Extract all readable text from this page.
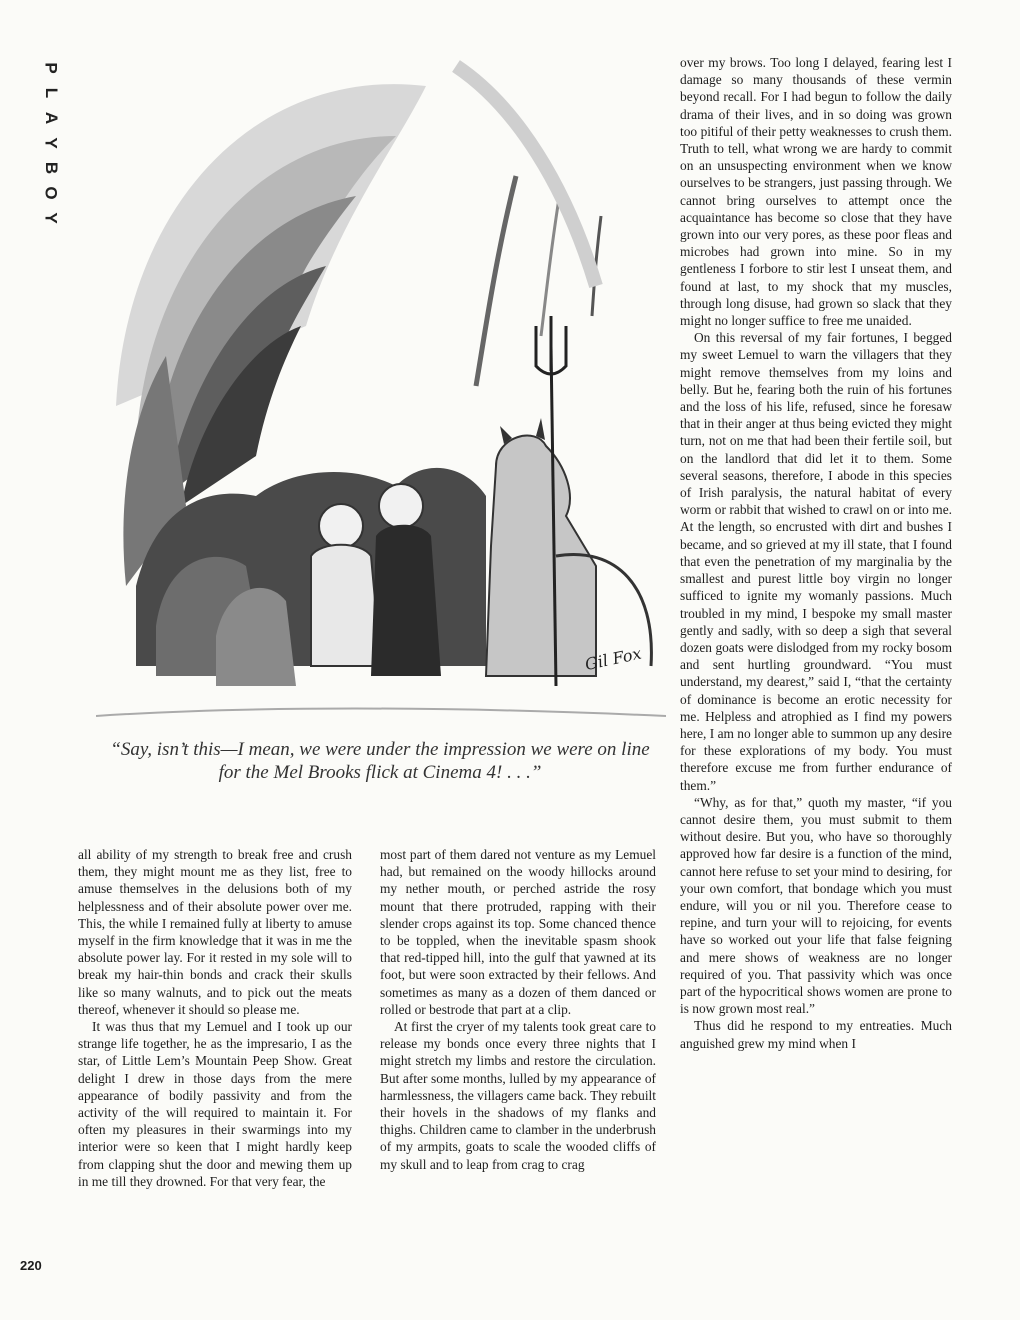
P
L
A
Y
B
O
Y
Gil Fox
“Say, isn’t this—I mean, we were under the impression we were on line for the Mel Brooks flick at Cinema 4! . . .”

all ability of my strength to break free and crush them, they might mount me as they list, free to amuse themselves in the delusions both of my helplessness and of their absolute power over me. This, the while I remained fully at liberty to amuse myself in the firm knowledge that it was in me the absolute power lay. For it rested in my sole will to break my hair-thin bonds and crack their skulls like so many walnuts, and to pick out the meats thereof, whenever it should so please me.

It was thus that my Lemuel and I took up our strange life together, he as the impresario, I as the star, of Little Lem’s Mountain Peep Show. Great delight I drew in those days from the mere appearance of bodily passivity and from the activity of the will required to maintain it. For often my pleasures in their swarmings into my interior were so keen that I might hardly keep from clapping shut the door and mewing them up in me till they drowned. For that very fear, the

most part of them dared not venture as my Lemuel had, but remained on the woody hillocks around my nether mouth, or perched astride the rosy mount that there protruded, rapping with their slender crops against its top. Some chanced thence to be toppled, when the inevitable spasm shook that red-tipped hill, into the gulf that yawned at its foot, but were soon extracted by their fellows. And sometimes as many as a dozen of them danced or rolled or bestrode that part at a clip.

At first the cryer of my talents took great care to release my bonds once every three nights that I might stretch my limbs and restore the circulation. But after some months, lulled by my appearance of harmlessness, the villagers came back. They rebuilt their hovels in the shadows of my flanks and thighs. Children came to clamber in the underbrush of my armpits, goats to scale the wooded cliffs of my skull and to leap from crag to crag

over my brows. Too long I delayed, fearing lest I damage so many thousands of these vermin beyond recall. For I had begun to follow the daily drama of their lives, and in so doing was grown too pitiful of their petty weaknesses to crush them. Truth to tell, what wrong we are hardy to commit on an unsuspecting environment when we know ourselves to be strangers, just passing through. We cannot bring ourselves to attempt once the acquaintance has become so close that they have grown into our very pores, as these poor fleas and microbes had grown into mine. So in my gentleness I forbore to stir lest I unseat them, and found at last, to my shock that my muscles, through long disuse, had grown so slack that they might no longer suffice to free me unaided.

On this reversal of my fair fortunes, I begged my sweet Lemuel to warn the villagers that they might remove themselves from my loins and belly. But he, fearing both the ruin of his fortunes and the loss of his life, refused, since he foresaw that in their anger at thus being evicted they might turn, not on me that had been their fertile soil, but on the landlord that did let it to them. Some several seasons, therefore, I abode in this species of Irish paralysis, the natural habitat of every worm or rabbit that wished to crawl on or into me. At the length, so encrusted with dirt and bushes I became, and so grieved at my ill state, that I found that even the penetration of my marginalia by the smallest and purest little boy virgin no longer sufficed to ignite my womanly passions. Much troubled in my mind, I bespoke my small master gently and sadly, with so deep a sigh that several dozen goats were dislodged from my rocky bosom and sent hurtling groundward. “You must understand, my dearest,” said I, “that the certainty of dominance is become an erotic necessity for me. Helpless and atrophied as I find my powers here, I am no longer able to summon up any desire for these explorations of my body. You must therefore excuse me from further endurance of them.”

“Why, as for that,” quoth my master, “if you cannot desire them, you must submit to them without desire. But you, who have so thoroughly approved how far desire is a function of the mind, cannot here refuse to set your mind to desiring, for your own comfort, that bondage which you must endure, will you or nil you. Therefore cease to repine, and turn your will to rejoicing, for events have so worked out your life that false feigning and mere shows of weakness are no longer required of you. That passivity which was once part of the hypocritical shows women are prone to is now grown most real.”

Thus did he respond to my entreaties. Much anguished grew my mind when I

220
